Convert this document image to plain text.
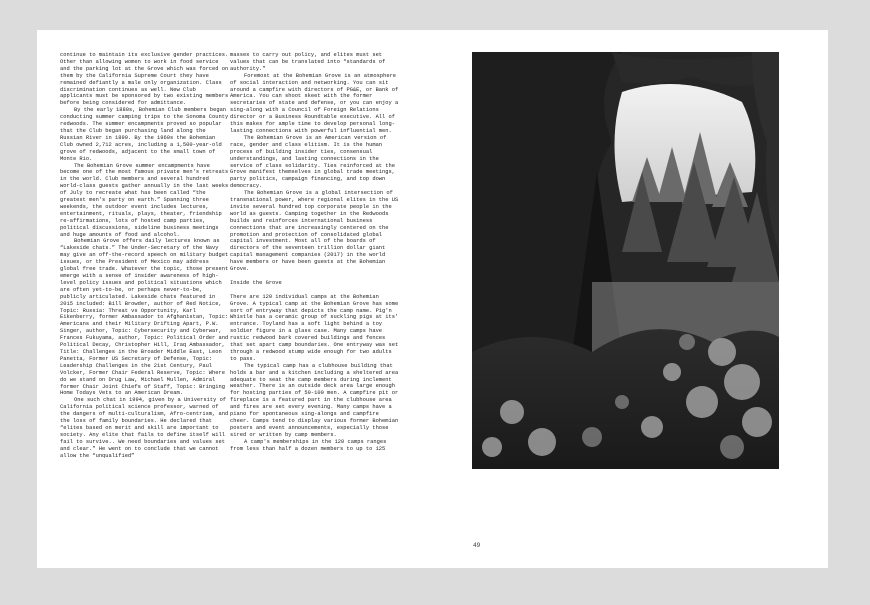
continue to maintain its exclusive gender practices. Other than allowing women to work in food service and the parking lot at the Grove which was forced on them by the California Supreme Court they have remained defiantly a male only organization. Class discrimination continues as well. New Club applicants must be sponsored by two existing members before being considered for admittance.

By the early 1880s, Bohemian Club members began conducting summer camping trips to the Sonoma County redwoods. The summer encampments proved so popular that the Club began purchasing land along the Russian River in 1899. By the 1960s the Bohemian Club owned 2,712 acres, including a 1,500-year-old grove of redwoods, adjacent to the small town of Monte Rio.

The Bohemian Grove summer encampments have become one of the most famous private men's retreats in the world. Club members and several hundred world-class guests gather annually in the last weeks of July to recreate what has been called “the greatest men's party on earth.” Spanning three weekends, the outdoor event includes lectures, entertainment, rituals, plays, theater, friendship re-affirmations, lots of hosted camp parties, political discussions, sideline business meetings and huge amounts of food and alcohol.

Bohemian Grove offers daily lectures known as “Lakeside chats.” The Under-Secretary of the Navy may give an off-the-record speech on military budget issues, or the President of Mexico may address global free trade. Whatever the topic, those present emerge with a sense of insider awareness of high-level policy issues and political situations which are often yet-to-be, or perhaps never-to-be, publicly articulated. Lakeside chats featured in 2015 included: Bill Browder, author of Red Notice, Topic: Russia: Threat vs Opportunity, Karl Eikenberry, former Ambassador to Afghanistan, Topic: Americans and their Military Drifting Apart, P.W. Singer, author, Topic: Cybersecurity and Cyberwar, Frances Fukuyama, author, Topic: Political Order and Political Decay, Christopher Hill, Iraq Ambassador, Title: Challenges in the Broader Middle East, Leon Panetta, Former US Secretary of Defense, Topic: Leadership Challenges in the 21st Century, Paul Volcker, Former Chair Federal Reserve, Topic: Where do we stand on Drug Law, Michael Mullen, Admiral former Chair Joint Chiefs of Staff, Topic: Bringing Home Todays Vets to an American Dream.

One such chat in 1994, given by a University of California political science professor, warned of the dangers of multi-culturalism, Afro-centrism, and the loss of family boundaries. He declared that “elites based on merit and skill are important to society. Any elite that fails to define itself will fail to survive.. We need boundaries and values set and clear.” He went on to conclude that we cannot allow the “unqualified”

masses to carry out policy, and elites must set values that can be translated into “standards of authority.”

Foremost at the Bohemian Grove is an atmosphere of social interaction and networking. You can sit around a campfire with directors of PG&E, or Bank of America. You can shoot skeet with the former secretaries of state and defense, or you can enjoy a sing-along with a Council of Foreign Relations director or a Business Roundtable executive. All of this makes for ample time to develop personal long-lasting connections with powerful influential men.

The Bohemian Grove is an American version of race, gender and class elitism. It is the human process of building insider ties, consensual understandings, and lasting connections in the service of class solidarity. Ties reinforced at the Grove manifest themselves in global trade meetings, party politics, campaign financing, and top down democracy.

The Bohemian Grove is a global intersection of transnational power, where regional elites in the US invite several hundred top corporate people in the world as guests. Camping together in the Redwoods builds and reinforces international business connections that are increasingly centered on the promotion and protection of consolidated global capital investment. Most all of the boards of directors of the seventeen trillion dollar giant capital management companies (2017) in the world have members or have been guests at the Bohemian Grove.

Inside the Grove

There are 120 individual camps at the Bohemian Grove. A typical camp at the Bohemian Grove has some sort of entryway that depicts the camp name. Pig'n Whistle has a ceramic group of suckling pigs at its' entrance. Toyland has a soft light behind a toy soldier figure in a glass case. Many camps have rustic redwood bark covered buildings and fences that set apart camp boundaries. One entryway was set through a redwood stump wide enough for two adults to pass.

The typical camp has a clubhouse building that holds a bar and a kitchen including a sheltered area adequate to seat the camp members during inclement weather. There is an outside deck area large enough for hosting parties of 50-100 men. A campfire pit or fireplace is a featured part in the clubhouse area and fires are set every evening. Many camps have a piano for spontaneous sing-alongs and campfire cheer. Camps tend to display various former Bohemian posters and event announcements, especially those sired or written by camp members.

A camp's memberships in the 120 camps ranges from less than half a dozen members to up to 125

49
